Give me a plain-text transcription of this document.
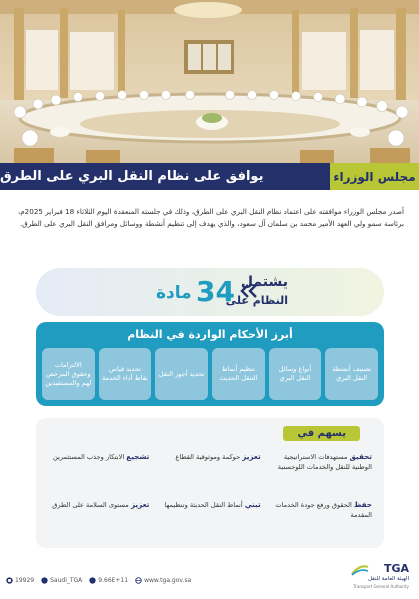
يوافق على نظام النقل البري على الطرق	مجلس الوزراء

أصدر مجلس الوزراء موافقته على اعتماد نظام النقل البري على الطرق، وذلك في جلسته المنعقدة اليوم الثلاثاء 18 فبراير 2025م، برئاسة سمو ولي العهد الأمير محمد بن سلمان آل سعود، والذي يهدف إلى تنظيم أنشطة ووسائل ومرافق النقل البري على الطرق.

يشتمل
النظام على
34
مادة
أبرز الأحكام الواردة في النظام
تصنيف أنشطة النقل البري
أنواع وسائل النقل البري
تنظيم أنماط التنقل الحديث
تحديد أجور النقل
تحديد قياس نقاط أداء الخدمة
الالتزامات وحقوق المرخص لهم والمستفيدين
يسهم في
تحقيق مستهدفات الاستراتيجية الوطنية للنقل والخدمات اللوجستية
تعزيز حوكمة وموثوقية القطاع
تشجيع الابتكار وجذب المستثمرين
حفظ الحقوق ورفع جودة الخدمات المقدمة
تبني أنماط النقل الحديثة وتنظيمها
تعزيز مستوى السلامة على الطرق
19929	Saudi_TGA	9.66E+11	www.tga.gov.sa
TGA
الهيئة العامة للنقل
Transport General Authority
